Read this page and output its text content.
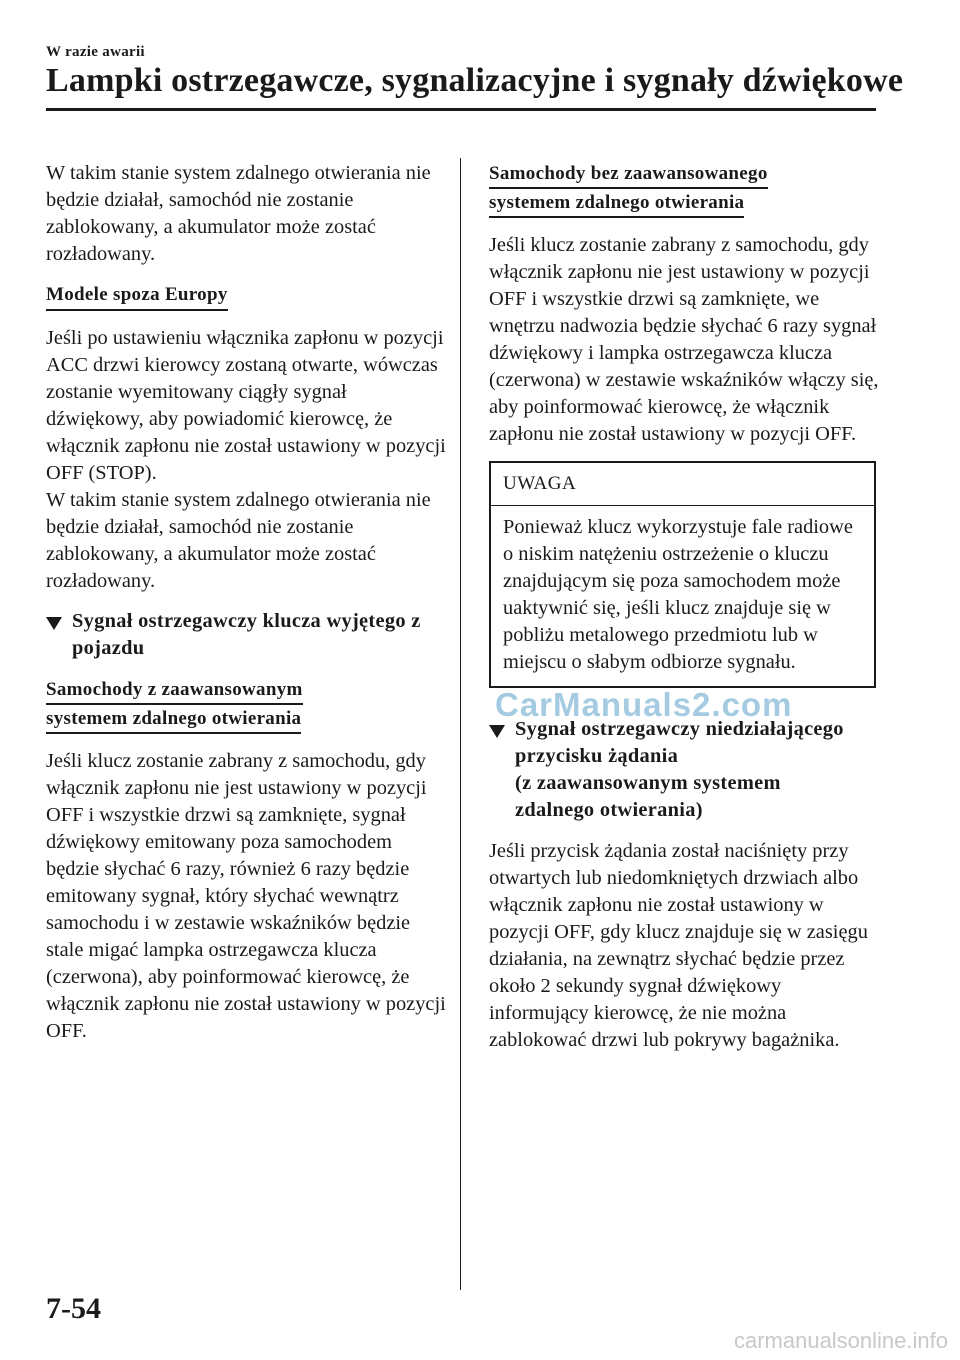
W razie awarii
Lampki ostrzegawcze, sygnalizacyjne i sygnały dźwiękowe

W takim stanie system zdalnego otwierania nie będzie działał, samochód nie zostanie zablokowany, a akumulator może zostać rozładowany.

Modele spoza Europy

Jeśli po ustawieniu włącznika zapłonu w pozycji ACC drzwi kierowcy zostaną otwarte, wówczas zostanie wyemitowany ciągły sygnał dźwiękowy, aby powiadomić kierowcę, że włącznik zapłonu nie został ustawiony w pozycji OFF (STOP).

W takim stanie system zdalnego otwierania nie będzie działał, samochód nie zostanie zablokowany, a akumulator może zostać rozładowany.

Sygnał ostrzegawczy klucza wyjętego z pojazdu
Samochody z zaawansowanym
systemem zdalnego otwierania

Jeśli klucz zostanie zabrany z samochodu, gdy włącznik zapłonu nie jest ustawiony w pozycji OFF i wszystkie drzwi są zamknięte, sygnał dźwiękowy emitowany poza samochodem będzie słychać 6 razy, również 6 razy będzie emitowany sygnał, który słychać wewnątrz samochodu i w zestawie wskaźników będzie stale migać lampka ostrzegawcza klucza (czerwona), aby poinformować kierowcę, że włącznik zapłonu nie został ustawiony w pozycji OFF.

Samochody bez zaawansowanego
systemem zdalnego otwierania

Jeśli klucz zostanie zabrany z samochodu, gdy włącznik zapłonu nie jest ustawiony w pozycji OFF i wszystkie drzwi są zamknięte, we wnętrzu nadwozia będzie słychać 6 razy sygnał dźwiękowy i lampka ostrzegawcza klucza (czerwona) w zestawie wskaźników włączy się, aby poinformować kierowcę, że włącznik zapłonu nie został ustawiony w pozycji OFF.

UWAGA
Ponieważ klucz wykorzystuje fale radiowe o niskim natężeniu ostrzeżenie o kluczu znajdującym się poza samochodem może uaktywnić się, jeśli klucz znajduje się w pobliżu metalowego przedmiotu lub w miejscu o słabym odbiorze sygnału.
Sygnał ostrzegawczy niedziałającego
przycisku żądania
(z zaawansowanym systemem
zdalnego otwierania)

Jeśli przycisk żądania został naciśnięty przy otwartych lub niedomkniętych drzwiach albo włącznik zapłonu nie został ustawiony w pozycji OFF, gdy klucz znajduje się w zasięgu działania, na zewnątrz słychać będzie przez około 2 sekundy sygnał dźwiękowy informujący kierowcę, że nie można zablokować drzwi lub pokrywy bagażnika.

7-54
CarManuals2.com
carmanualsonline.info
